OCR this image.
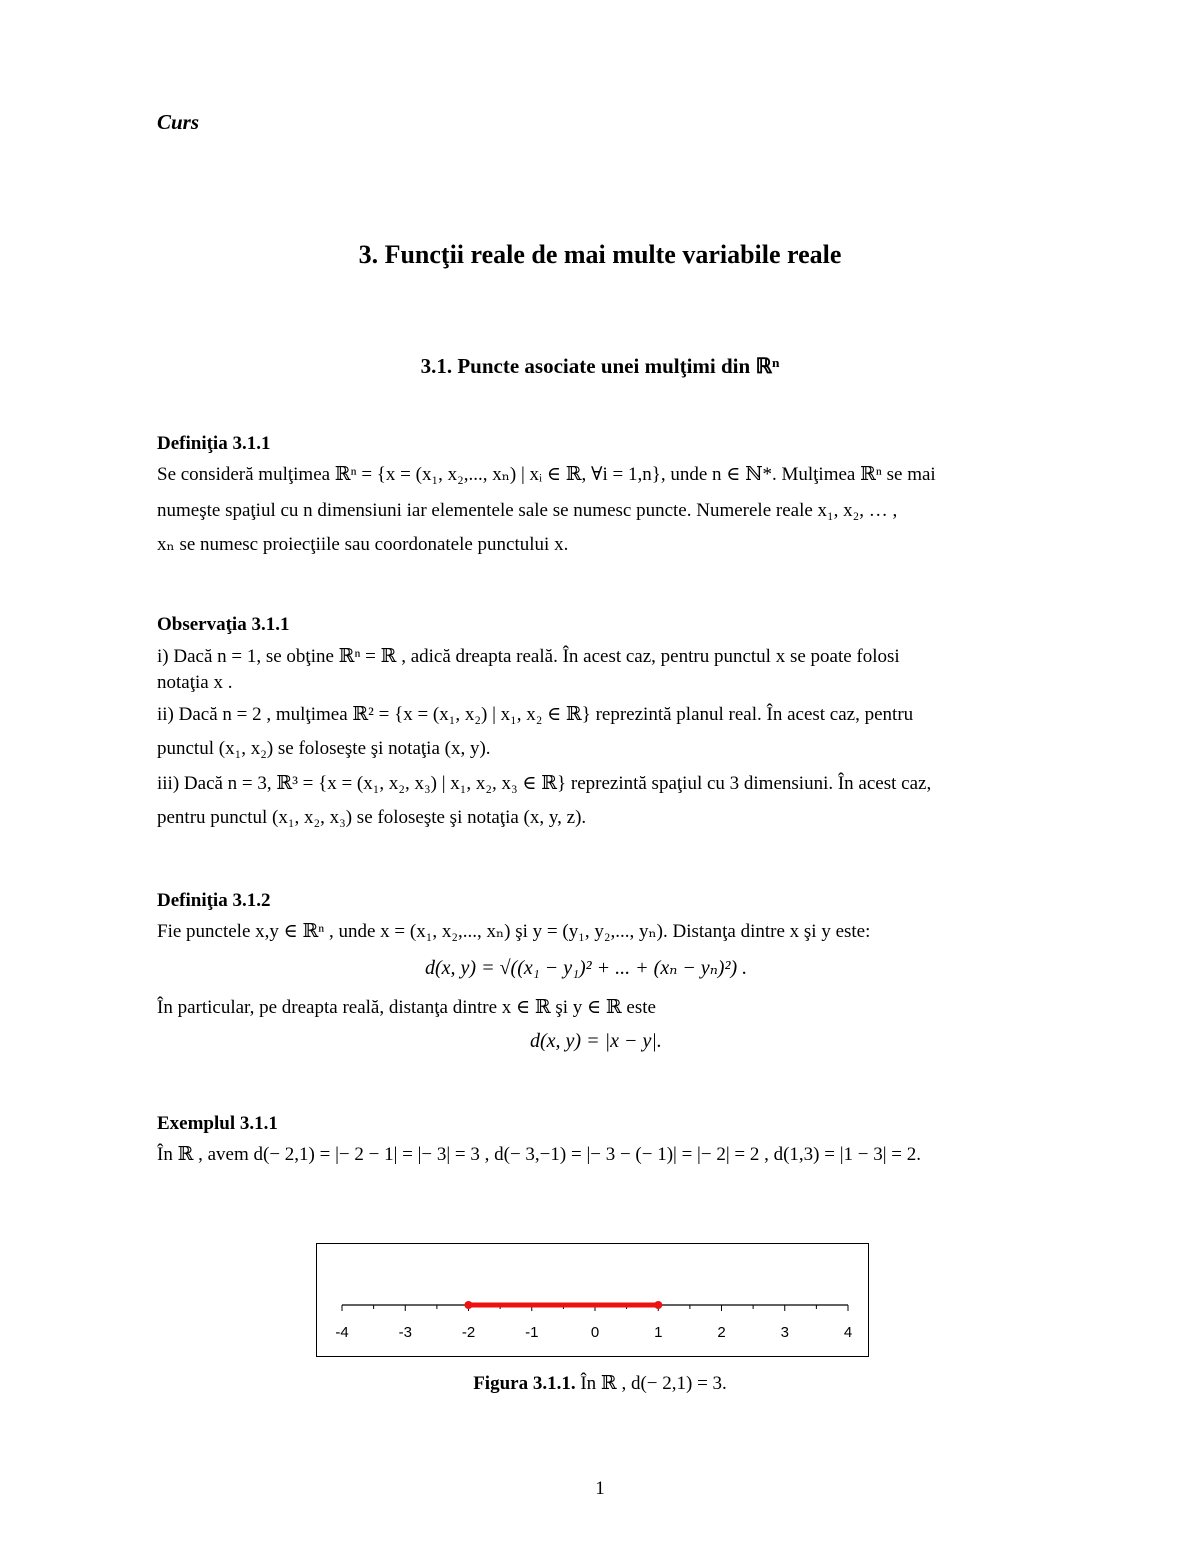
Curs
3. Funcţii reale de mai multe variabile reale
3.1. Puncte asociate unei mulţimi din ℝⁿ
Definiţia 3.1.1
Se consideră mulţimea ℝⁿ = {x = (x₁, x₂,..., xₙ) | xᵢ ∈ ℝ, ∀i = 1,n}, unde n ∈ ℕ*. Mulţimea ℝⁿ se mai
numeşte spaţiul cu n dimensiuni iar elementele sale se numesc puncte. Numerele reale x₁, x₂, … ,
xₙ se numesc proiecţiile sau coordonatele punctului x.
Observaţia 3.1.1
i) Dacă n = 1, se obţine ℝⁿ = ℝ , adică dreapta reală. În acest caz, pentru punctul x se poate folosi
notaţia x .
ii) Dacă n = 2 , mulţimea ℝ² = {x = (x₁, x₂) | x₁, x₂ ∈ ℝ} reprezintă planul real. În acest caz, pentru
punctul (x₁, x₂) se foloseşte şi notaţia (x, y).
iii) Dacă n = 3, ℝ³ = {x = (x₁, x₂, x₃) | x₁, x₂, x₃ ∈ ℝ} reprezintă spaţiul cu 3 dimensiuni. În acest caz,
pentru punctul (x₁, x₂, x₃) se foloseşte şi notaţia (x, y, z).
Definiţia 3.1.2
Fie punctele x,y ∈ ℝⁿ , unde x = (x₁, x₂,..., xₙ) şi y = (y₁, y₂,..., yₙ). Distanţa dintre x şi y este:
d(x, y) = √((x₁ − y₁)² + ... + (xₙ − yₙ)²) .
În particular, pe dreapta reală, distanţa dintre x ∈ ℝ şi y ∈ ℝ este
d(x, y) = |x − y|.
Exemplul 3.1.1
În ℝ , avem d(− 2,1) = |− 2 − 1| = |− 3| = 3 , d(− 3,−1) = |− 3 − (− 1)| = |− 2| = 2 , d(1,3) = |1 − 3| = 2.
-4	-3	-2	-1	0	1	2	3	4
Figura 3.1.1. În ℝ , d(− 2,1) = 3.
1
